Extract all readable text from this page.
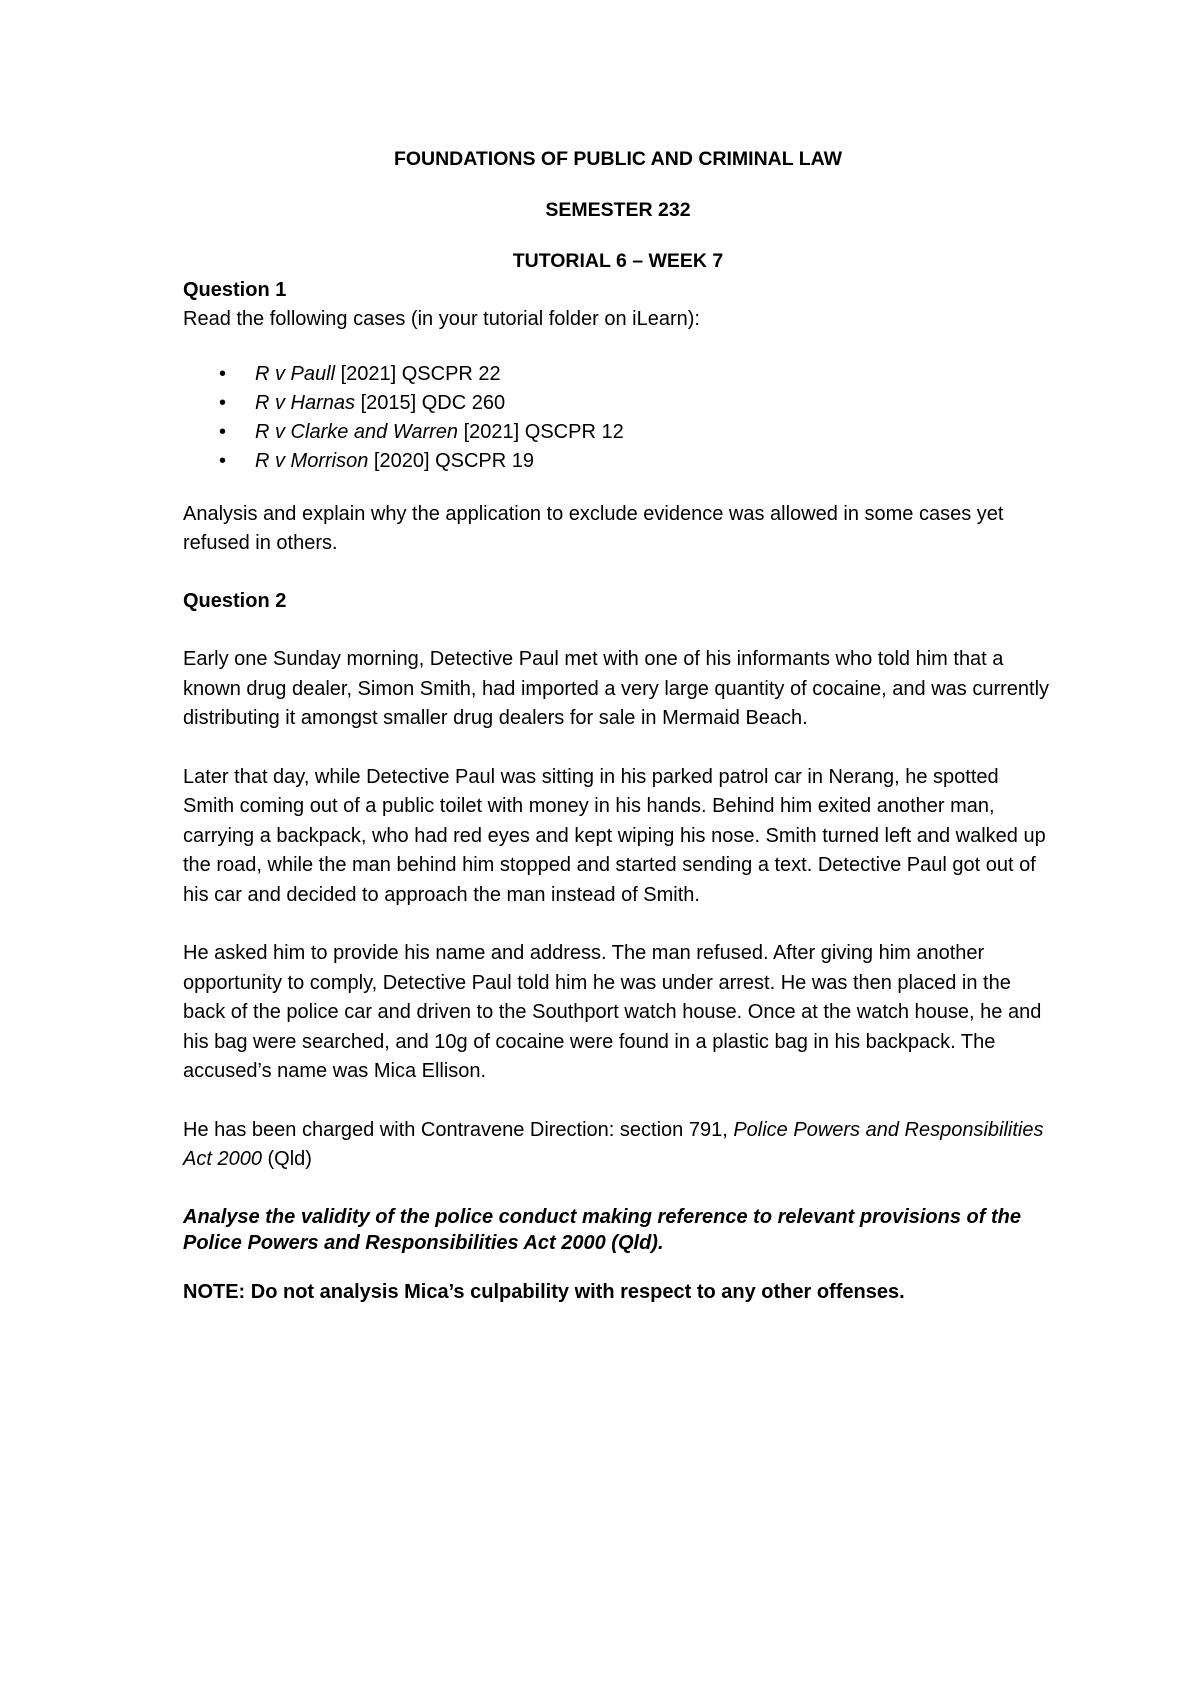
FOUNDATIONS OF PUBLIC AND CRIMINAL LAW

SEMESTER 232

TUTORIAL 6 – WEEK 7

Question 1

Read the following cases (in your tutorial folder on iLearn):

• R v Paull [2021] QSCPR 22
• R v Harnas [2015] QDC 260
• R v Clarke and Warren [2021] QSCPR 12
• R v Morrison [2020] QSCPR 19

Analysis and explain why the application to exclude evidence was allowed in some cases yet refused in others.

Question 2

Early one Sunday morning, Detective Paul met with one of his informants who told him that a known drug dealer, Simon Smith, had imported a very large quantity of cocaine, and was currently distributing it amongst smaller drug dealers for sale in Mermaid Beach.

Later that day, while Detective Paul was sitting in his parked patrol car in Nerang, he spotted Smith coming out of a public toilet with money in his hands. Behind him exited another man, carrying a backpack, who had red eyes and kept wiping his nose. Smith turned left and walked up the road, while the man behind him stopped and started sending a text. Detective Paul got out of his car and decided to approach the man instead of Smith.

He asked him to provide his name and address. The man refused. After giving him another opportunity to comply, Detective Paul told him he was under arrest. He was then placed in the back of the police car and driven to the Southport watch house. Once at the watch house, he and his bag were searched, and 10g of cocaine were found in a plastic bag in his backpack. The accused’s name was Mica Ellison.

He has been charged with Contravene Direction: section 791, Police Powers and Responsibilities Act 2000 (Qld)

Analyse the validity of the police conduct making reference to relevant provisions of the Police Powers and Responsibilities Act 2000 (Qld).

NOTE: Do not analysis Mica’s culpability with respect to any other offenses.
